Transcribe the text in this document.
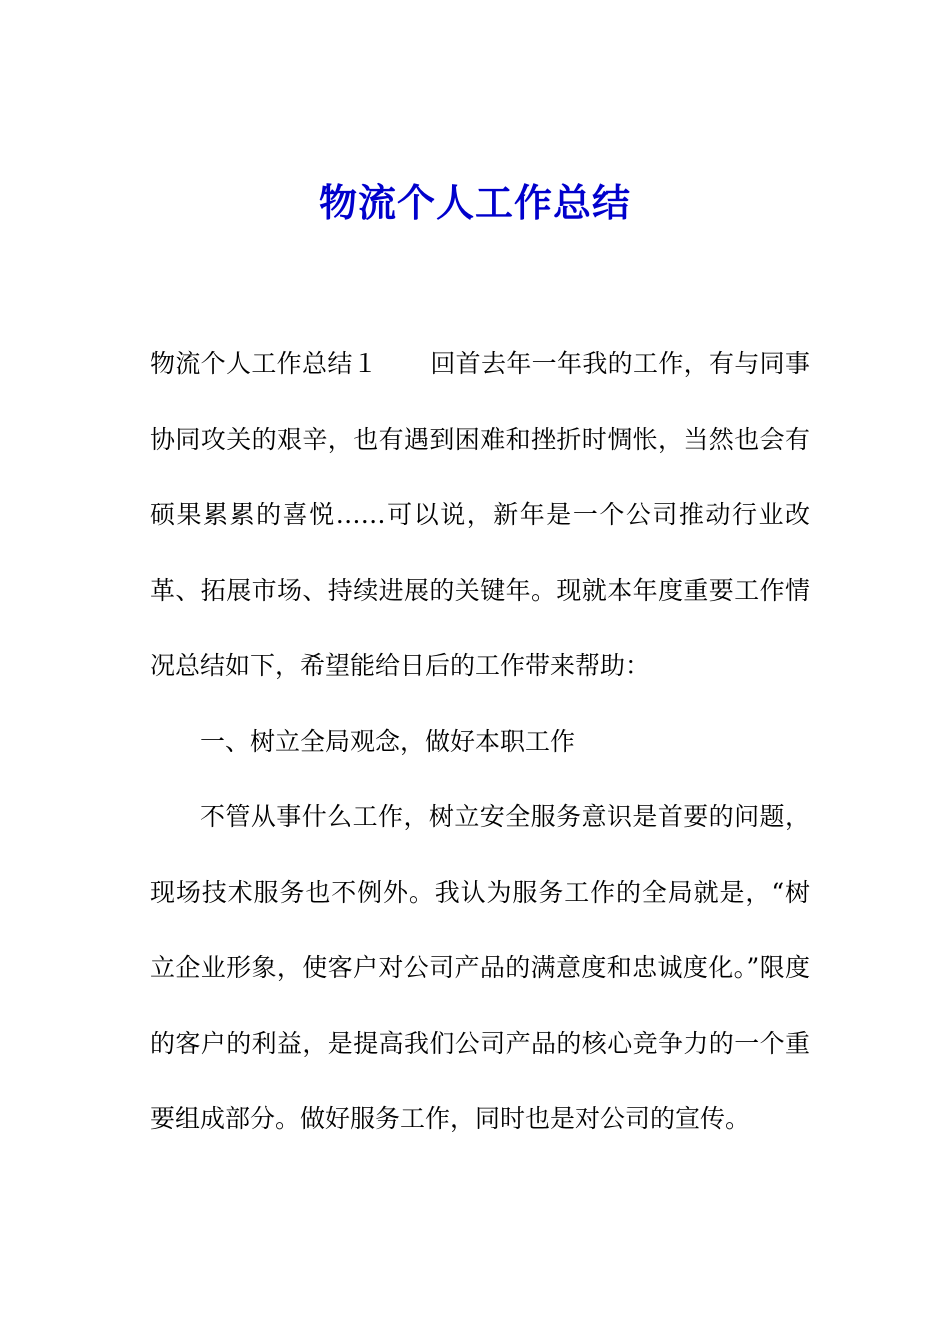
物流个人工作总结

物流个人工作总结１ 回首去年一年我的工作，有与同事协同攻关的艰辛，也有遇到困难和挫折时惆怅，当然也会有硕果累累的喜悦……可以说，新年是一个公司推动行业改革、拓展市场、持续进展的关键年。现就本年度重要工作情况总结如下，希望能给日后的工作带来帮助：

一、树立全局观念，做好本职工作

不管从事什么工作，树立安全服务意识是首要的问题，现场技术服务也不例外。我认为服务工作的全局就是，“树立企业形象，使客户对公司产品的满意度和忠诚度化。”限度的客户的利益，是提高我们公司产品的核心竞争力的一个重要组成部分。做好服务工作，同时也是对公司的宣传。
